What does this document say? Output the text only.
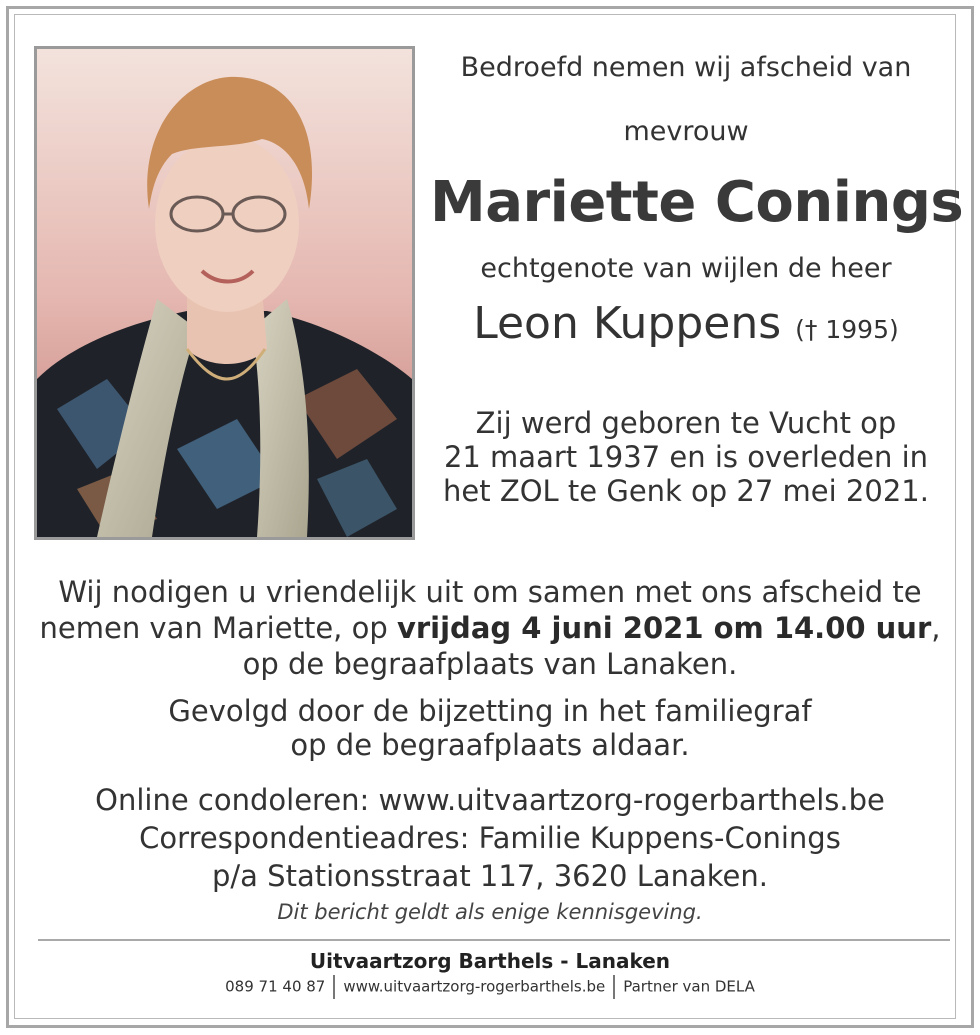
Bedroefd nemen wij afscheid van
mevrouw
Mariette Conings
echtgenote van wijlen de heer
Leon Kuppens († 1995)
Zij werd geboren te Vucht op
21 maart 1937 en is overleden in
het ZOL te Genk op 27 mei 2021.
Wij nodigen u vriendelijk uit om samen met ons afscheid te
nemen van Mariette, op vrijdag 4 juni 2021 om 14.00 uur,
op de begraafplaats van Lanaken.
Gevolgd door de bijzetting in het familiegraf
op de begraafplaats aldaar.
Online condoleren: www.uitvaartzorg-rogerbarthels.be
Correspondentieadres: Familie Kuppens-Conings
p/a Stationsstraat 117, 3620 Lanaken.
Dit bericht geldt als enige kennisgeving.
Uitvaartzorg Barthels - Lanaken
089 71 40 87 www.uitvaartzorg-rogerbarthels.be Partner van DELA
